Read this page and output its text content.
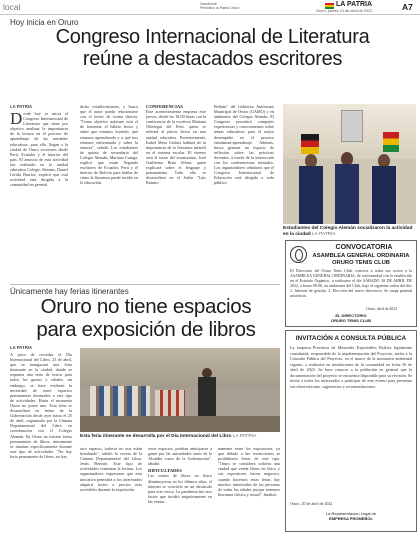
local	Vanstrecte
Periódico la Patria Oruro
LA PATRIA
Oruro, jueves 21 de abril de 2022	A7
Hoy inicia en Oruro
Congreso Internacional de Literatura
reúne a destacados escritores
LA PATRIA
D esde hoy se inicia el Congreso Internacional de Literatura que tiene por objetivo analizar la importancia de la lectura en el proceso de aprendizaje de las unidades educativas, para ello, llegan a la ciudad de Oruro escritores desde Perú, Ecuador y el interior del país. El anuncio de esta actividad fue realizado en la unidad educativa Colegio Alemán, Daniel Lérida Barrios, explicó que está actividad está dirigida a la comunidad en general.
dicho establecimiento, y busca que el autor pueda relacionarse con el lector de forma directa. "Como objetivo máximo está el de fomentar el hábito lector y saber que estamos leyendo, qué estamos aprendiendo y a qué nos estamos enfrentando y saber la esencia", señaló. Los estudiantes de quinto de secundaria del Colegio Alemán, Mariana Cutuga, explicó que están llegando escritores de Ecuador, Perú y el interior de Bolivia para hablar de cómo la literatura puede incidir en la educación.
CONFERENCIAS
Este acontecimiento empieza este jueves, desde las 18:00 horas con la conferencia de la escritora Mariana Olórtegui del Perú, quien se referirá al placer lector en una unidad educativa. Posteriormente, Isabel Mesa Gisbert hablará de la importancia de la literatura infantil en el sistema escolar. El viernes será el turno del ecuatoriano, José Guillermo Brito Alfaro, quien explicará sobre el lenguaje y pensamiento. Todo ello se desarrollará en el Salón "Luis Ramiro
Beltrán" del Gobierno Autónomo Municipal de Oruro (GAMO) y en ambientes del Colegio Alemán. El Congreso permitirá compartir experiencias y conocimientos sobre temas educativos para el mejor desempeño en el proceso enseñanza-aprendizaje. Además, busca generar un espacio de reflexión sobre las prácticas docentes, a través de la interacción con los conferencistas invitados. Los organizadores señalaron que el Congreso Internacional de Educación está dirigido a todo público.
Estudiantes del Colegio Alemán socializaron la actividad en la ciudad LA PATRIA
Únicamente hay ferias itinerantes
Oruro no tiene espacios
para exposición de libros
LA PATRIA
A poco de recordar el Día Internacional del Libro, 23 de abril, que se inaugurará una feria itinerante en la ciudad, donde se exponen una serie de textos para todos los gustos y edades, sin embargo, se hace evidente la necesidad de tener espacios permanentes destinados a este tipo de actividades. Hasta el momento Oruro no posee uno. Esta feria se desarrollará en frente de la Gobernación desde ayer hasta el 25 de abril, organizada por la Cámara Departamental del Libro en coordinación con el Colegio Alemán. En Oruro no existen ferias permanentes de libros, únicamente se instalan específicamente durante este tipo de actividades. "No hay feria permanente de libros, no hay
Esta feria itinerante se desarrolla por el Día Internacional del Libro LA PATRIA
otro espacio, todavía no nos están brindando", señaló la vocera de la Cámara Departamental del Libro, Jesús Bertrán. Este tipo de actividades fomentan la lectura. Los organizadores expresaron que esta iniciativa permitirá a los interesados adquirir textos a precios más accesibles durante la exposición.
estos espacios, podrían anticiparse a ganar por las autoridades tanto de la Alcaldía como de la Gobernación", añadió.
DIFICULTADES
Las ventas de libros en físico disminuyeron en los últimos años, el internet se convirtió en un obstáculo para este sector. La pandemia fue otro factor que incidió negativamente en las ventas.
namente entre los expositores, ya que debido a las restricciones se prohibieron ferias de este tipo. "Oruro se considera todavía una ciudad que vende libros en físico y sus expositores hacen negocios, cuando hacemos estas ferias hay muchos interesados de las personas de todas las edades porque tenemos literatura clásica y actual", finalizó.
CONVOCATORIA
ASAMBLEA GENERAL ORDINARIA
ORURO TENIS CLUB
El Directorio del Oruro Tenis Club, convoca a todos sus socios a la ASAMBLEA GENERAL ORDINARIA, de conformidad con lo establecido en el Estatuto Orgánico, a realizarse el día SÁBADO 30 DE ABRIL DE 2022, a horas 09:00, en ambientes del Club, bajo el siguiente orden del día: 1. Informe de gestión. 2. Elección del nuevo directorio. Se ruega puntual asistencia.
Oruro, abril de 2022
EL DIRECTORIO
ORURO TENIS CLUB
INVITACIÓN A CONSULTA PÚBLICA
La empresa Provincia de Minerales Exportables Bolivia legalmente constituida, responsable de la implementación del Proyecto, invita a la Consulta Pública del Proyecto, en el marco de la normativa ambiental vigente, a realizarse en instalaciones de la comunidad en fecha 30 de abril de 2022. Se hace conocer a la población en general que la documentación del proyecto se encuentra disponible para su revisión. Se invita a todos los interesados a participar de este evento para presentar sus observaciones, sugerencias y recomendaciones.
Oruro, 20 de abril de 2022
La Representación Legal de
EMPRESA PROMEBOL
